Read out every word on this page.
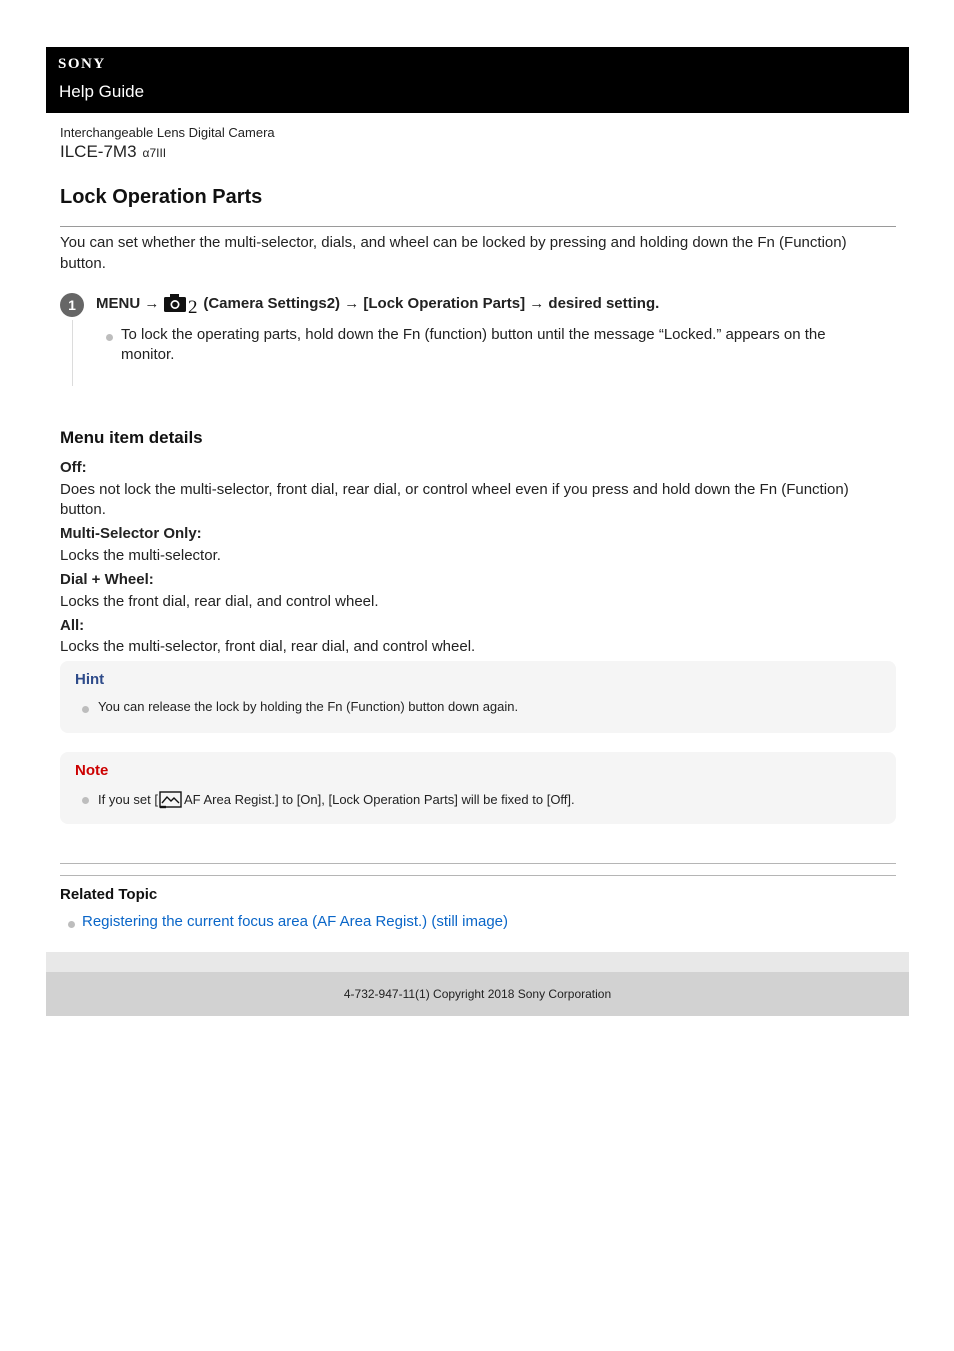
SONY
Help Guide
Interchangeable Lens Digital Camera
ILCE-7M3 α7III
Lock Operation Parts

You can set whether the multi-selector, dials, and wheel can be locked by pressing and holding down the Fn (Function) button.

1	MENU → 2 (Camera Settings2) → [Lock Operation Parts] → desired setting.

To lock the operating parts, hold down the Fn (function) button until the message “Locked.” appears on the monitor.

Menu item details
Off:

Does not lock the multi-selector, front dial, rear dial, or control wheel even if you press and hold down the Fn (Function) button.

Multi-Selector Only:

Locks the multi-selector.

Dial + Wheel:

Locks the front dial, rear dial, and control wheel.

All:

Locks the multi-selector, front dial, rear dial, and control wheel.

Hint
You can release the lock by holding the Fn (Function) button down again.
Note
If you set [ AF Area Regist.] to [On], [Lock Operation Parts] will be fixed to [Off].
Related Topic
Registering the current focus area (AF Area Regist.) (still image)
4-732-947-11(1) Copyright 2018 Sony Corporation
